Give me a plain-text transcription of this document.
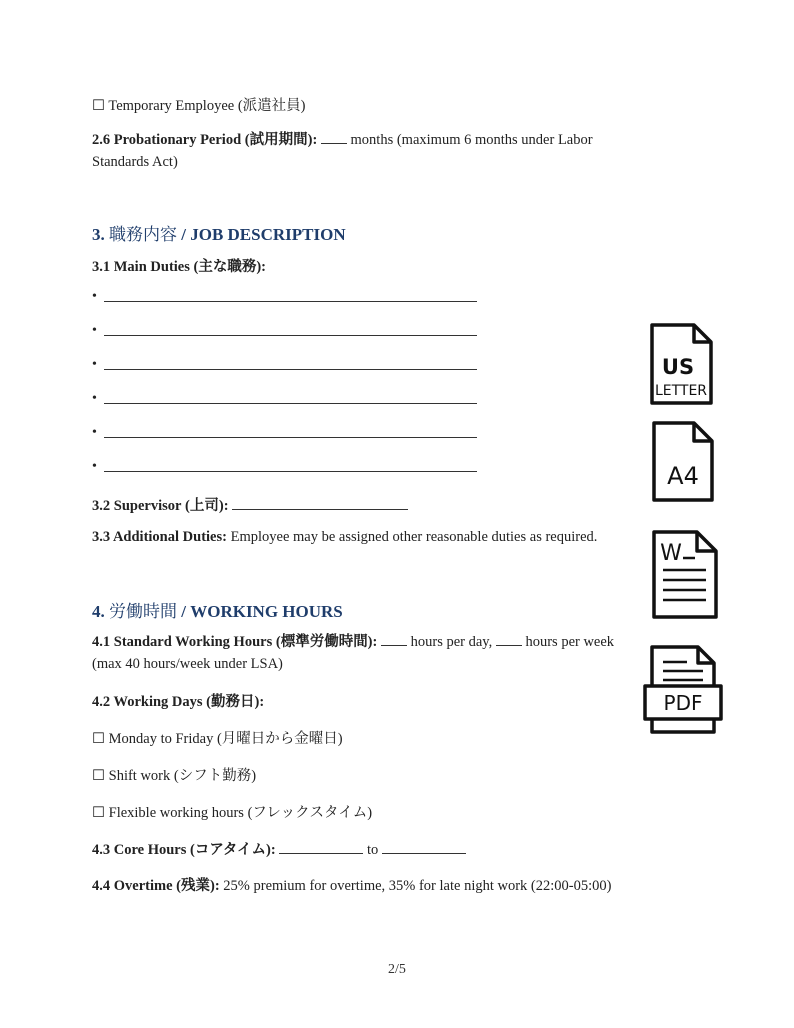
☐ Temporary Employee (派遣社員)
2.6 Probationary Period (試用期間): months (maximum 6 months under Labor
Standards Act)
3. 職務内容 / JOB DESCRIPTION
3.1 Main Duties (主な職務):
•
•
•
•
•
•
3.2 Supervisor (上司):
3.3 Additional Duties: Employee may be assigned other reasonable duties as required.
4. 労働時間 / WORKING HOURS
4.1 Standard Working Hours (標準労働時間): hours per day, hours per week
(max 40 hours/week under LSA)
4.2 Working Days (勤務日):
☐ Monday to Friday (月曜日から金曜日)
☐ Shift work (シフト勤務)
☐ Flexible working hours (フレックスタイム)
4.3 Core Hours (コアタイム):	to
4.4 Overtime (残業): 25% premium for overtime, 35% for late night work (22:00-05:00)
US
LETTER
A4
W
PDF
2/5
